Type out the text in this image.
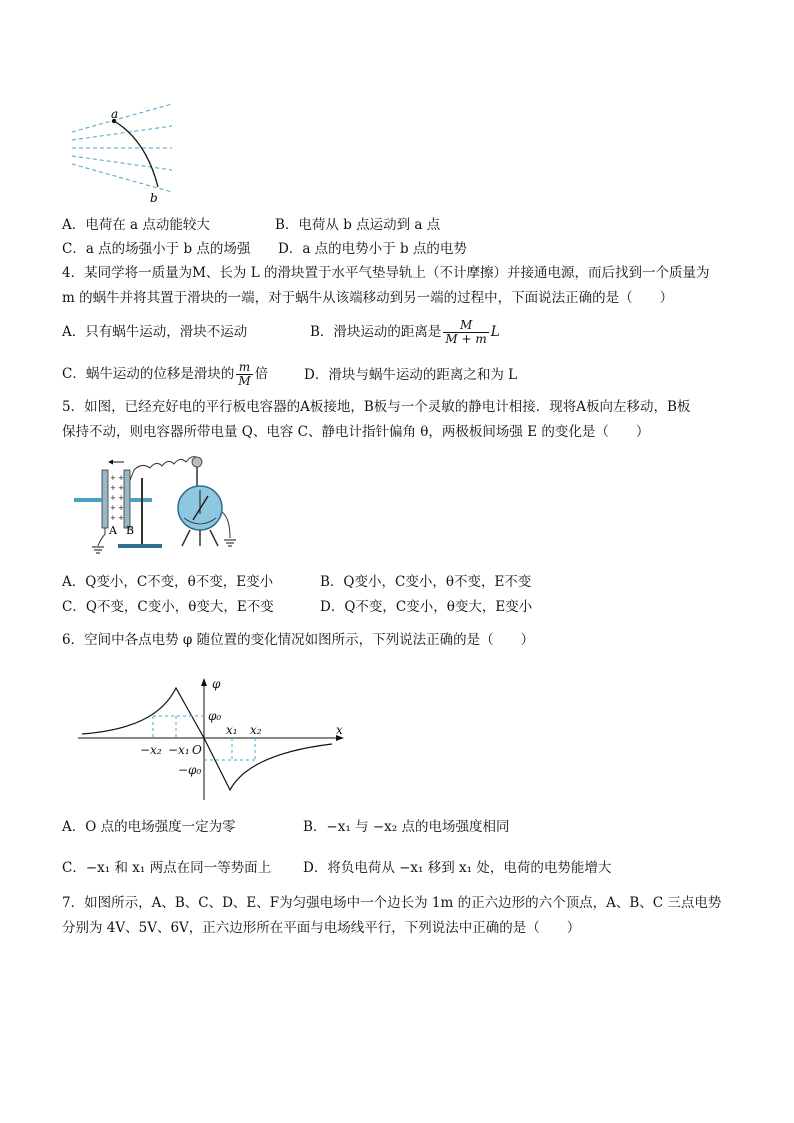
a
b
A．电荷在 a 点动能较大	B．电荷从 b 点运动到 a 点
C．a 点的场强小于 b 点的场强 D．a 点的电势小于 b 点的电势
4．某同学将一质量为M、长为 L 的滑块置于水平气垫导轨上（不计摩擦）并接通电源，而后找到一个质量为
m 的蜗牛并将其置于滑块的一端，对于蜗牛从该端移动到另一端的过程中，下面说法正确的是（　　）
A．只有蜗牛运动，滑块不运动	B．滑块运动的距离是 $\frac{M}{M + m}$ L
C．蜗牛运动的位移是滑块的 $\frac{m}{M}$ 倍	D．滑块与蜗牛运动的距离之和为 L
5．如图，已经充好电的平行板电容器的A板接地，B板与一个灵敏的静电计相接．现将A板向左移动，B板
保持不动，则电容器所带电量 Q、电容 C、静电计指针偏角 θ，两极板间场强 E 的变化是（　　）
+ +
+ +
+ +
+ +
+ +
A B
A．Q变小，C不变，θ不变，E变小	B．Q变小，C变小，θ不变，E不变
C．Q不变，C变小，θ变大，E不变	D．Q不变，C变小，θ变大，E变小
6．空间中各点电势 φ 随位置的变化情况如图所示，下列说法正确的是（　　）
φ
φ₀
−φ₀
x
x₁ x₂
−x₂ −x₁ O
A．O 点的电场强度一定为零	B．−x₁ 与 −x₂ 点的电场强度相同
C．−x₁ 和 x₁ 两点在同一等势面上 D．将负电荷从 −x₁ 移到 x₁ 处，电荷的电势能增大
7．如图所示，A、B、C、D、E、F为匀强电场中一个边长为 1m 的正六边形的六个顶点，A、B、C 三点电势
分别为 4V、5V、6V，正六边形所在平面与电场线平行，下列说法中正确的是（　　）
